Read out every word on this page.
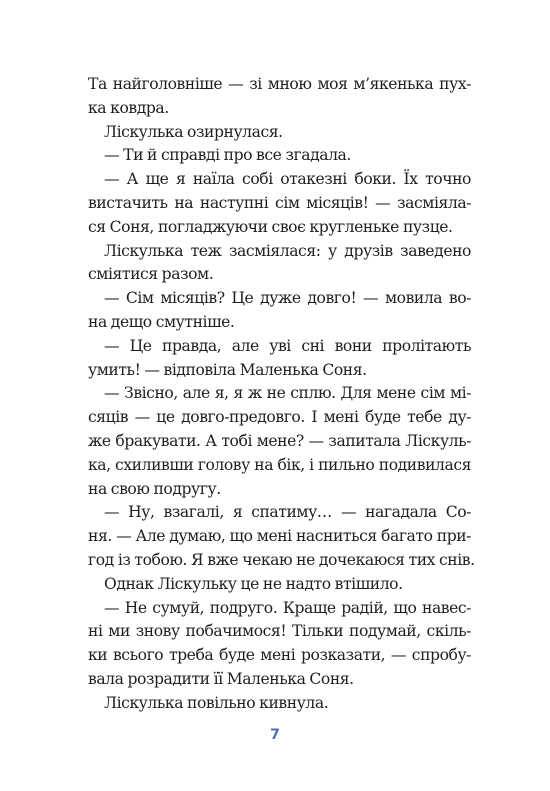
Та найголовніше — зі мною моя м’якенька пух-
ка ковдра.

Ліскулька озирнулася.

— Ти й справді про все згадала.

— А ще я наїла собі отакезні боки. Їх точно
вистачить на наступні сім місяців! — засміяла-
ся Соня, погладжуючи своє кругленьке пузце.

Ліскулька теж засміялася: у друзів заведено
сміятися разом.

— Сім місяців? Це дуже довго! — мовила во-
на дещо смутніше.

— Це правда, але уві сні вони пролітають
умить! — відповіла Маленька Соня.

— Звісно, але я, я ж не сплю. Для мене сім мі-
сяців — це довго-предовго. І мені буде тебе ду-
же бракувати. А тобі мене? — запитала Ліскуль-
ка, схиливши голову на бік, і пильно подивилася
на свою подругу.

— Ну, взагалі, я спатиму… — нагадала Со-
ня. — Але думаю, що мені насниться багато при-
год із тобою. Я вже чекаю не дочекаюся тих снів.

Однак Ліскульку це не надто втішило.

— Не сумуй, подруго. Краще радій, що навес-
ні ми знову побачимося! Тільки подумай, скіль-
ки всього треба буде мені розказати, — спробу-
вала розрадити її Маленька Соня.

Ліскулька повільно кивнула.

7
